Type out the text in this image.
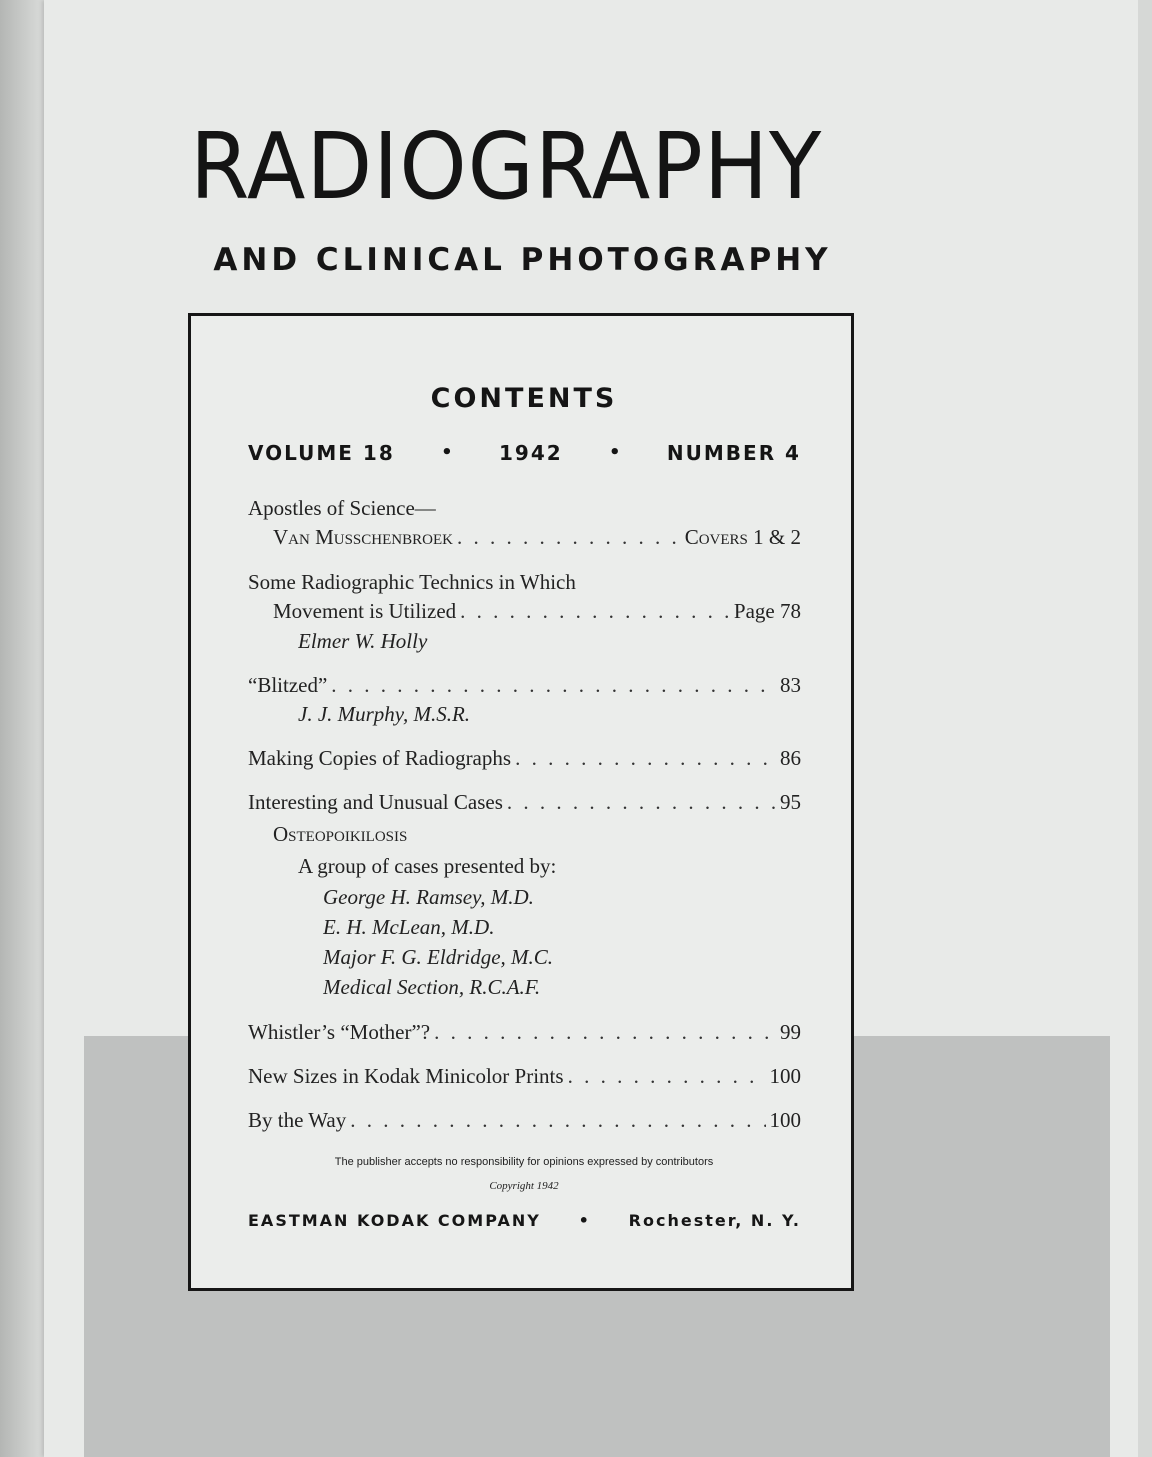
RADIOGRAPHY
AND CLINICAL PHOTOGRAPHY
CONTENTS
VOLUME 18	• 1942	• NUMBER 4
Apostles of Science—
Van Musschenbroek . . .	Covers 1 & 2
Some Radiographic Technics in Which
Movement is Utilized . . .	Page 78
Elmer W. Holly
“Blitzed” . . .	83
J. J. Murphy, M.S.R.
Making Copies of Radiographs . . .	86
Interesting and Unusual Cases . . .	95
Osteopoikilosis
A group of cases presented by:
George H. Ramsey, M.D.
E. H. McLean, M.D.
Major F. G. Eldridge, M.C.
Medical Section, R.C.A.F.
Whistler’s “Mother”? . . .	99
New Sizes in Kodak Minicolor Prints . . .	100
By the Way . . .	100
The publisher accepts no responsibility for opinions expressed by contributors
Copyright 1942
EASTMAN KODAK COMPANY • Rochester, N. Y.
